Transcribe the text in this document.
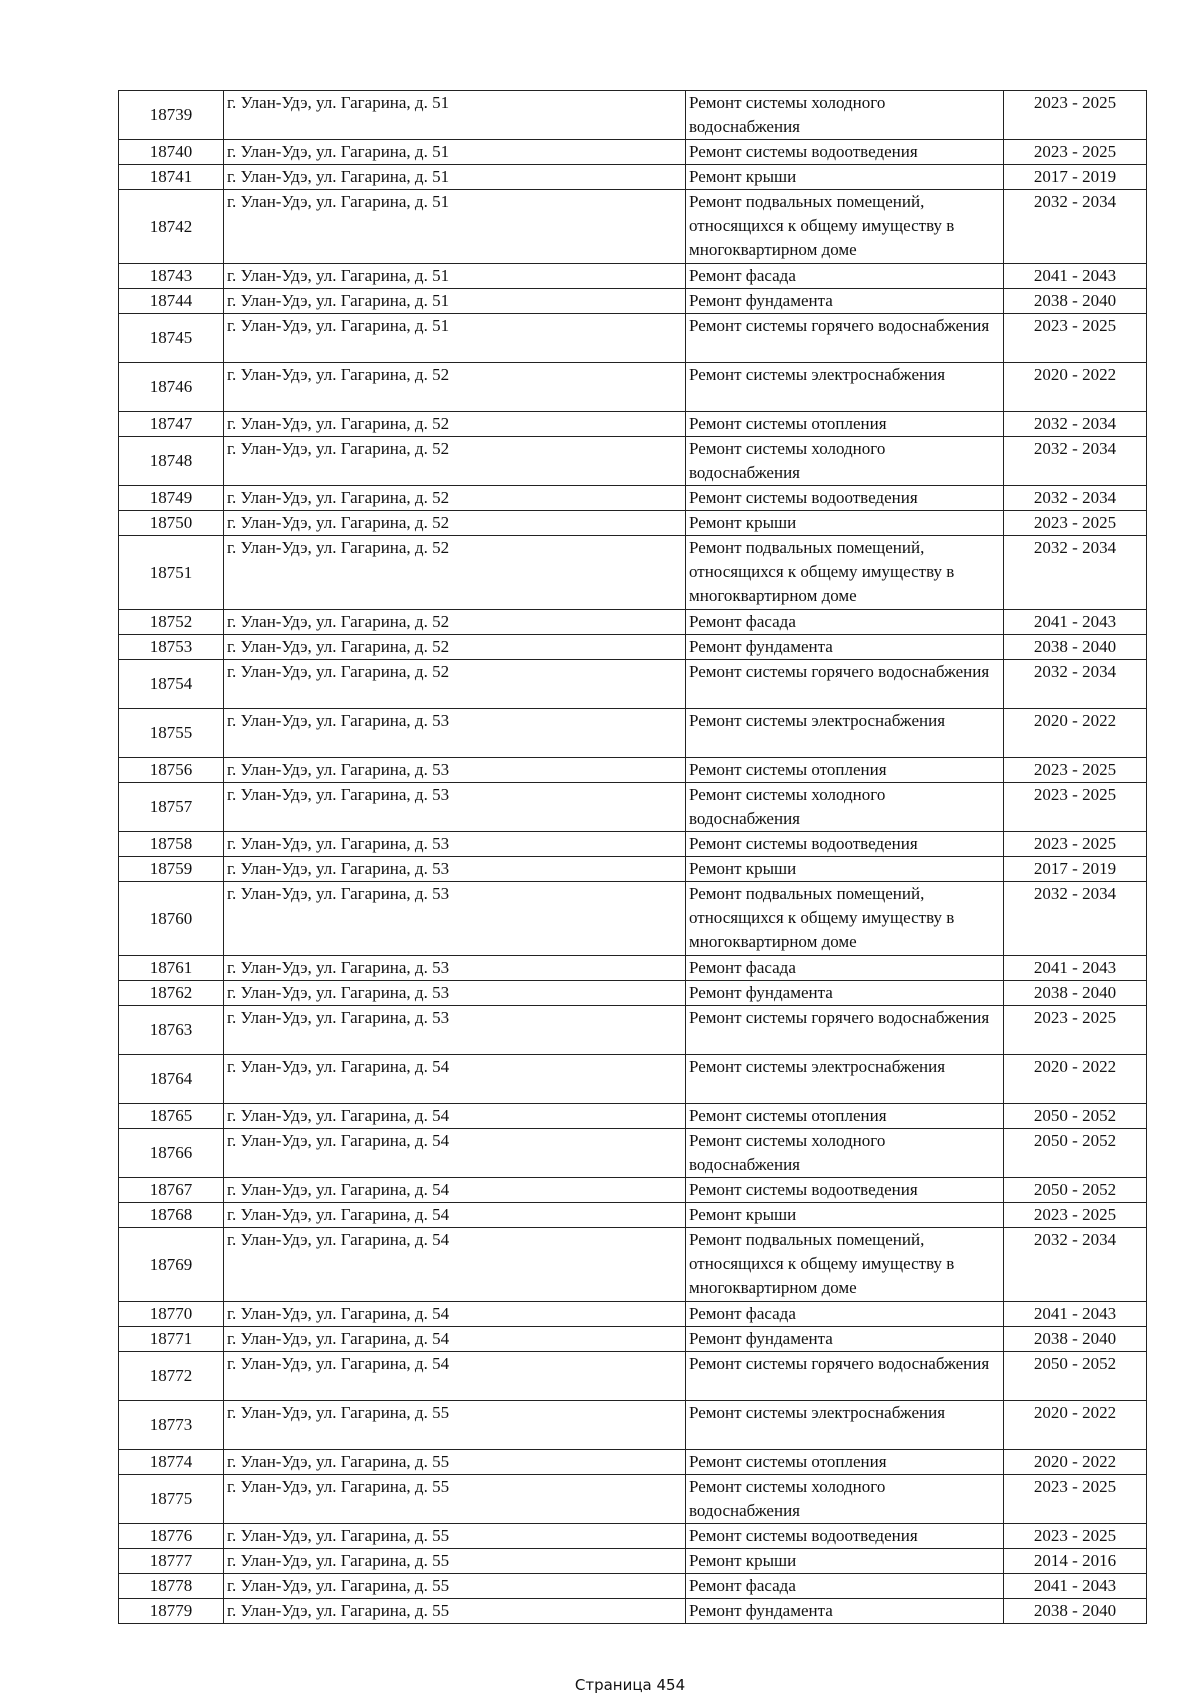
18739	г. Улан-Удэ, ул. Гагарина, д. 51	Ремонт системы холодного водоснабжения	2023 - 2025
18740	г. Улан-Удэ, ул. Гагарина, д. 51	Ремонт системы водоотведения	2023 - 2025
18741	г. Улан-Удэ, ул. Гагарина, д. 51	Ремонт крыши	2017 - 2019
18742	г. Улан-Удэ, ул. Гагарина, д. 51	Ремонт подвальных помещений, относящихся к общему имуществу в многоквартирном доме	2032 - 2034
18743	г. Улан-Удэ, ул. Гагарина, д. 51	Ремонт фасада	2041 - 2043
18744	г. Улан-Удэ, ул. Гагарина, д. 51	Ремонт фундамента	2038 - 2040
18745	г. Улан-Удэ, ул. Гагарина, д. 51	Ремонт системы горячего водоснабжения	2023 - 2025
18746	г. Улан-Удэ, ул. Гагарина, д. 52	Ремонт системы электроснабжения	2020 - 2022
18747	г. Улан-Удэ, ул. Гагарина, д. 52	Ремонт системы отопления	2032 - 2034
18748	г. Улан-Удэ, ул. Гагарина, д. 52	Ремонт системы холодного водоснабжения	2032 - 2034
18749	г. Улан-Удэ, ул. Гагарина, д. 52	Ремонт системы водоотведения	2032 - 2034
18750	г. Улан-Удэ, ул. Гагарина, д. 52	Ремонт крыши	2023 - 2025
18751	г. Улан-Удэ, ул. Гагарина, д. 52	Ремонт подвальных помещений, относящихся к общему имуществу в многоквартирном доме	2032 - 2034
18752	г. Улан-Удэ, ул. Гагарина, д. 52	Ремонт фасада	2041 - 2043
18753	г. Улан-Удэ, ул. Гагарина, д. 52	Ремонт фундамента	2038 - 2040
18754	г. Улан-Удэ, ул. Гагарина, д. 52	Ремонт системы горячего водоснабжения	2032 - 2034
18755	г. Улан-Удэ, ул. Гагарина, д. 53	Ремонт системы электроснабжения	2020 - 2022
18756	г. Улан-Удэ, ул. Гагарина, д. 53	Ремонт системы отопления	2023 - 2025
18757	г. Улан-Удэ, ул. Гагарина, д. 53	Ремонт системы холодного водоснабжения	2023 - 2025
18758	г. Улан-Удэ, ул. Гагарина, д. 53	Ремонт системы водоотведения	2023 - 2025
18759	г. Улан-Удэ, ул. Гагарина, д. 53	Ремонт крыши	2017 - 2019
18760	г. Улан-Удэ, ул. Гагарина, д. 53	Ремонт подвальных помещений, относящихся к общему имуществу в многоквартирном доме	2032 - 2034
18761	г. Улан-Удэ, ул. Гагарина, д. 53	Ремонт фасада	2041 - 2043
18762	г. Улан-Удэ, ул. Гагарина, д. 53	Ремонт фундамента	2038 - 2040
18763	г. Улан-Удэ, ул. Гагарина, д. 53	Ремонт системы горячего водоснабжения	2023 - 2025
18764	г. Улан-Удэ, ул. Гагарина, д. 54	Ремонт системы электроснабжения	2020 - 2022
18765	г. Улан-Удэ, ул. Гагарина, д. 54	Ремонт системы отопления	2050 - 2052
18766	г. Улан-Удэ, ул. Гагарина, д. 54	Ремонт системы холодного водоснабжения	2050 - 2052
18767	г. Улан-Удэ, ул. Гагарина, д. 54	Ремонт системы водоотведения	2050 - 2052
18768	г. Улан-Удэ, ул. Гагарина, д. 54	Ремонт крыши	2023 - 2025
18769	г. Улан-Удэ, ул. Гагарина, д. 54	Ремонт подвальных помещений, относящихся к общему имуществу в многоквартирном доме	2032 - 2034
18770	г. Улан-Удэ, ул. Гагарина, д. 54	Ремонт фасада	2041 - 2043
18771	г. Улан-Удэ, ул. Гагарина, д. 54	Ремонт фундамента	2038 - 2040
18772	г. Улан-Удэ, ул. Гагарина, д. 54	Ремонт системы горячего водоснабжения	2050 - 2052
18773	г. Улан-Удэ, ул. Гагарина, д. 55	Ремонт системы электроснабжения	2020 - 2022
18774	г. Улан-Удэ, ул. Гагарина, д. 55	Ремонт системы отопления	2020 - 2022
18775	г. Улан-Удэ, ул. Гагарина, д. 55	Ремонт системы холодного водоснабжения	2023 - 2025
18776	г. Улан-Удэ, ул. Гагарина, д. 55	Ремонт системы водоотведения	2023 - 2025
18777	г. Улан-Удэ, ул. Гагарина, д. 55	Ремонт крыши	2014 - 2016
18778	г. Улан-Удэ, ул. Гагарина, д. 55	Ремонт фасада	2041 - 2043
18779	г. Улан-Удэ, ул. Гагарина, д. 55	Ремонт фундамента	2038 - 2040
Страница 454
